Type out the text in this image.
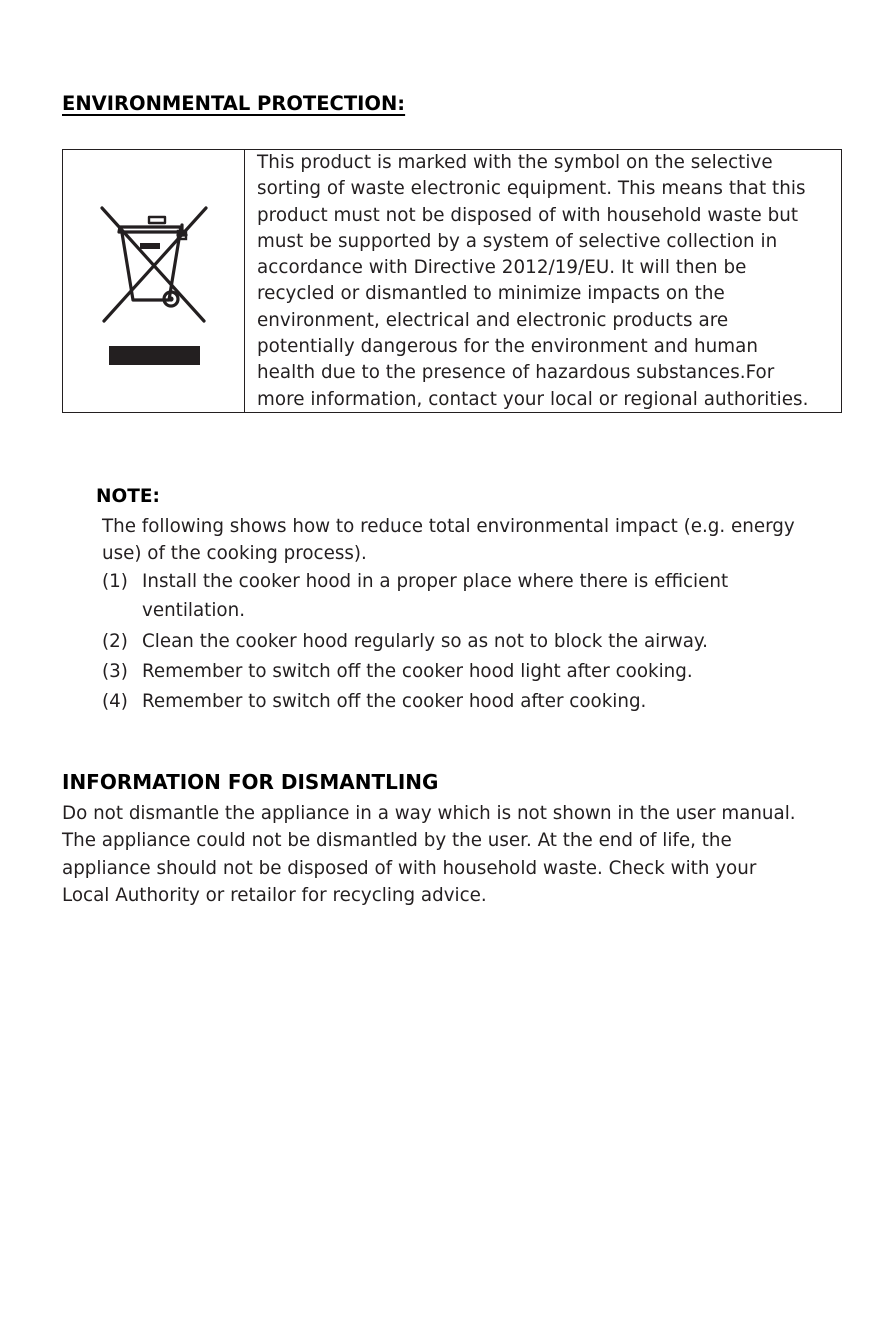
ENVIRONMENTAL PROTECTION:
This product is marked with the symbol on the selective
sorting of waste electronic equipment. This means that this
product must not be disposed of with household waste but
must be supported by a system of selective collection in
accordance with Directive 2012/19/EU. It will then be
recycled or dismantled to minimize impacts on the
environment, electrical and electronic products are
potentially dangerous for the environment and human
health due to the presence of hazardous substances.For
more information, contact your local or regional authorities.
NOTE:
The following shows how to reduce total environmental impact (e.g. energy
use) of the cooking process).
(1) Install the cooker hood in a proper place where there is efficient
ventilation.
(2) Clean the cooker hood regularly so as not to block the airway.
(3) Remember to switch off the cooker hood light after cooking.
(4) Remember to switch off the cooker hood after cooking.
INFORMATION FOR DISMANTLING
Do not dismantle the appliance in a way which is not shown in the user manual.
The appliance could not be dismantled by the user. At the end of life, the
appliance should not be disposed of with household waste. Check with your
Local Authority or retailor for recycling advice.
